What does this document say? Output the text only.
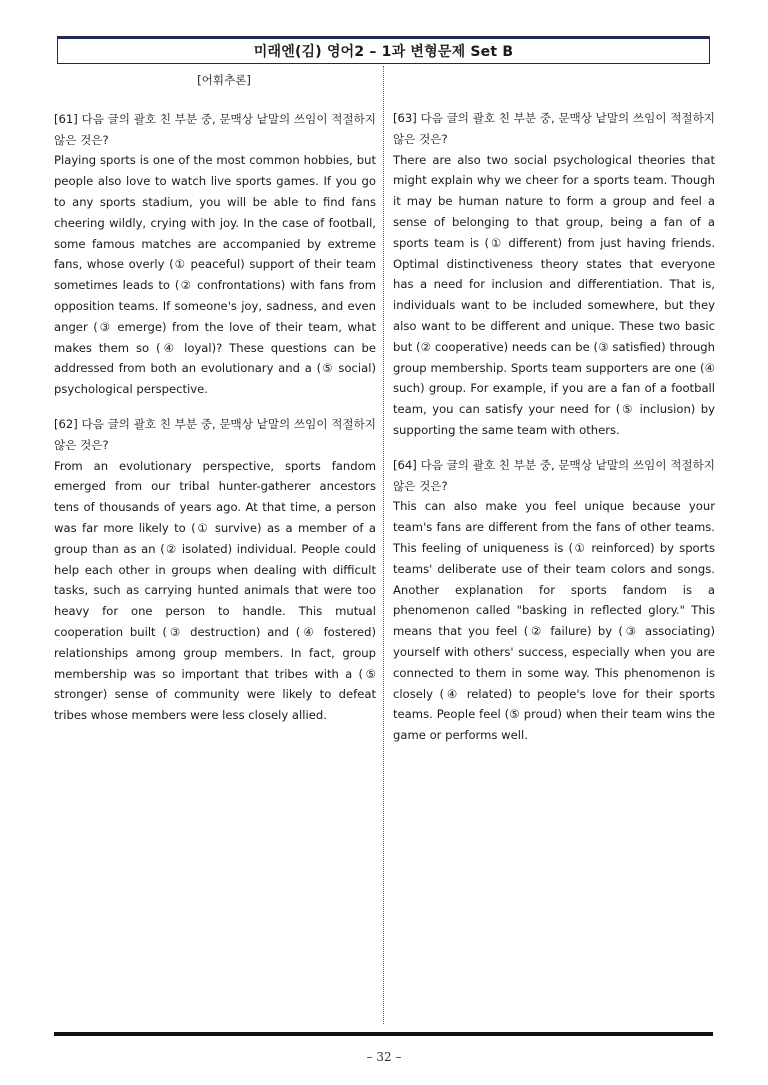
미래엔(김) 영어2 – 1과 변형문제 Set B
[어휘추론]

[61] 다음 글의 괄호 친 부분 중, 문맥상 낱말의 쓰임이 적절하지 않은 것은?

Playing sports is one of the most common hobbies, but people also love to watch live sports games. If you go to any sports stadium, you will be able to find fans cheering wildly, crying with joy. In the case of football, some famous matches are accompanied by extreme fans, whose overly (① peaceful) support of their team sometimes leads to (② confrontations) with fans from opposition teams. If someone's joy, sadness, and even anger (③ emerge) from the love of their team, what makes them so (④ loyal)? These questions can be addressed from both an evolutionary and a (⑤ social) psychological perspective.

[62] 다음 글의 괄호 친 부분 중, 문맥상 낱말의 쓰임이 적절하지 않은 것은?

From an evolutionary perspective, sports fandom emerged from our tribal hunter-gatherer ancestors tens of thousands of years ago. At that time, a person was far more likely to (① survive) as a member of a group than as an (② isolated) individual. People could help each other in groups when dealing with difficult tasks, such as carrying hunted animals that were too heavy for one person to handle. This mutual cooperation built (③ destruction) and (④ fostered) relationships among group members. In fact, group membership was so important that tribes with a (⑤ stronger) sense of community were likely to defeat tribes whose members were less closely allied.

[63] 다음 글의 괄호 친 부분 중, 문맥상 낱말의 쓰임이 적절하지 않은 것은?

There are also two social psychological theories that might explain why we cheer for a sports team. Though it may be human nature to form a group and feel a sense of belonging to that group, being a fan of a sports team is (① different) from just having friends. Optimal distinctiveness theory states that everyone has a need for inclusion and differentiation. That is, individuals want to be included somewhere, but they also want to be different and unique. These two basic but (② cooperative) needs can be (③ satisfied) through group membership. Sports team supporters are one (④ such) group. For example, if you are a fan of a football team, you can satisfy your need for (⑤ inclusion) by supporting the same team with others.

[64] 다음 글의 괄호 친 부분 중, 문맥상 낱말의 쓰임이 적절하지 않은 것은?

This can also make you feel unique because your team's fans are different from the fans of other teams. This feeling of uniqueness is (① reinforced) by sports teams' deliberate use of their team colors and songs. Another explanation for sports fandom is a phenomenon called "basking in reflected glory." This means that you feel (② failure) by (③ associating) yourself with others' success, especially when you are connected to them in some way. This phenomenon is closely (④ related) to people's love for their sports teams. People feel (⑤ proud) when their team wins the game or performs well.

– 32 –
